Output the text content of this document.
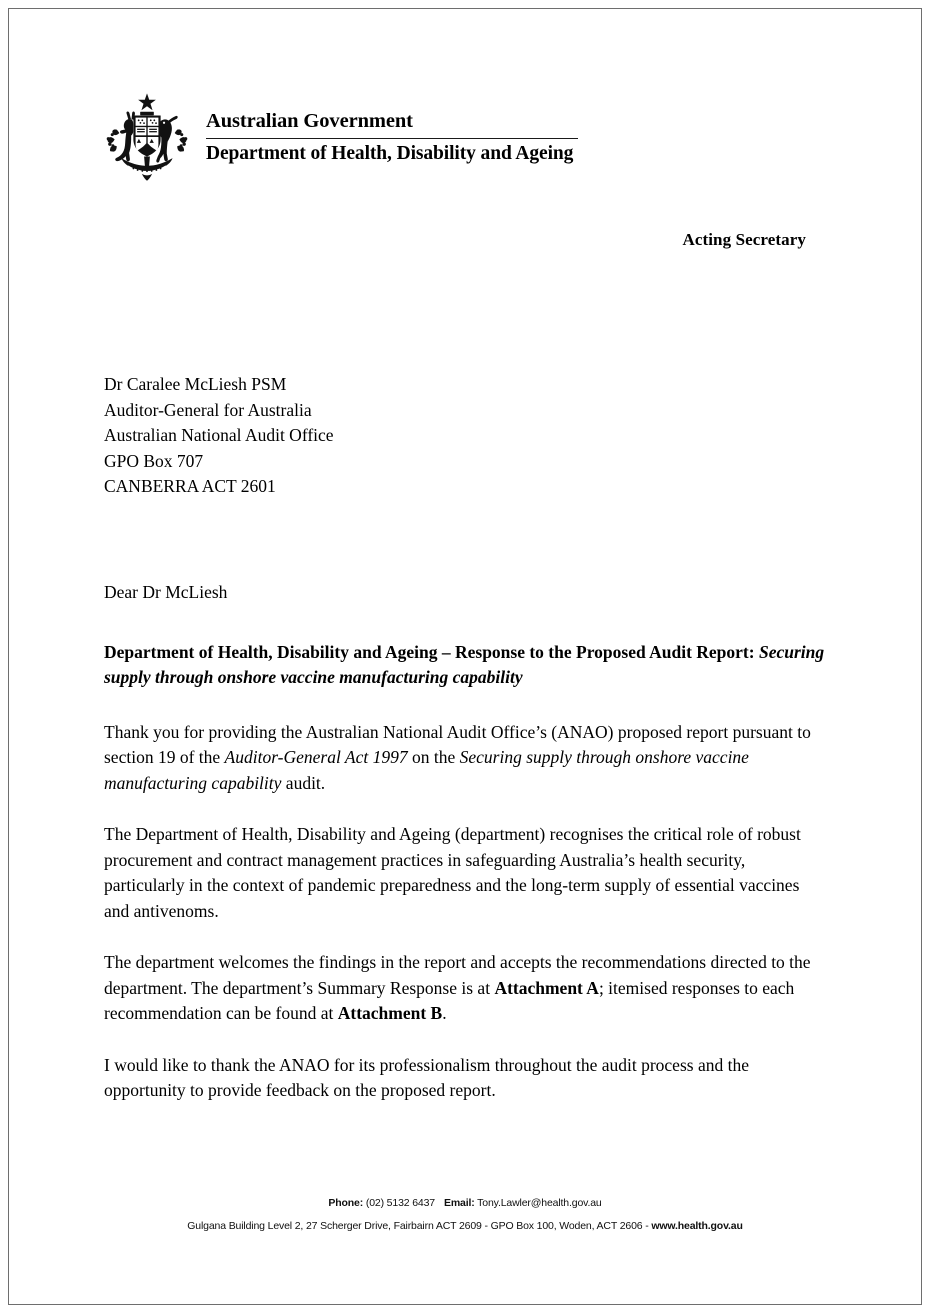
Australian Government
Department of Health, Disability and Ageing
Acting Secretary
Dr Caralee McLiesh PSM
Auditor-General for Australia
Australian National Audit Office
GPO Box 707
CANBERRA ACT 2601

Dear Dr McLiesh

Department of Health, Disability and Ageing – Response to the Proposed Audit Report: Securing supply through onshore vaccine manufacturing capability

Thank you for providing the Australian National Audit Office’s (ANAO) proposed report pursuant to section 19 of the Auditor-General Act 1997 on the Securing supply through onshore vaccine manufacturing capability audit.

The Department of Health, Disability and Ageing (department) recognises the critical role of robust procurement and contract management practices in safeguarding Australia’s health security, particularly in the context of pandemic preparedness and the long-term supply of essential vaccines and antivenoms.

The department welcomes the findings in the report and accepts the recommendations directed to the department. The department’s Summary Response is at Attachment A; itemised responses to each recommendation can be found at Attachment B.

I would like to thank the ANAO for its professionalism throughout the audit process and the opportunity to provide feedback on the proposed report.

Phone: (02) 5132 6437 Email: Tony.Lawler@health.gov.au
Gulgana Building Level 2, 27 Scherger Drive, Fairbairn ACT 2609 - GPO Box 100, Woden, ACT 2606 - www.health.gov.au
